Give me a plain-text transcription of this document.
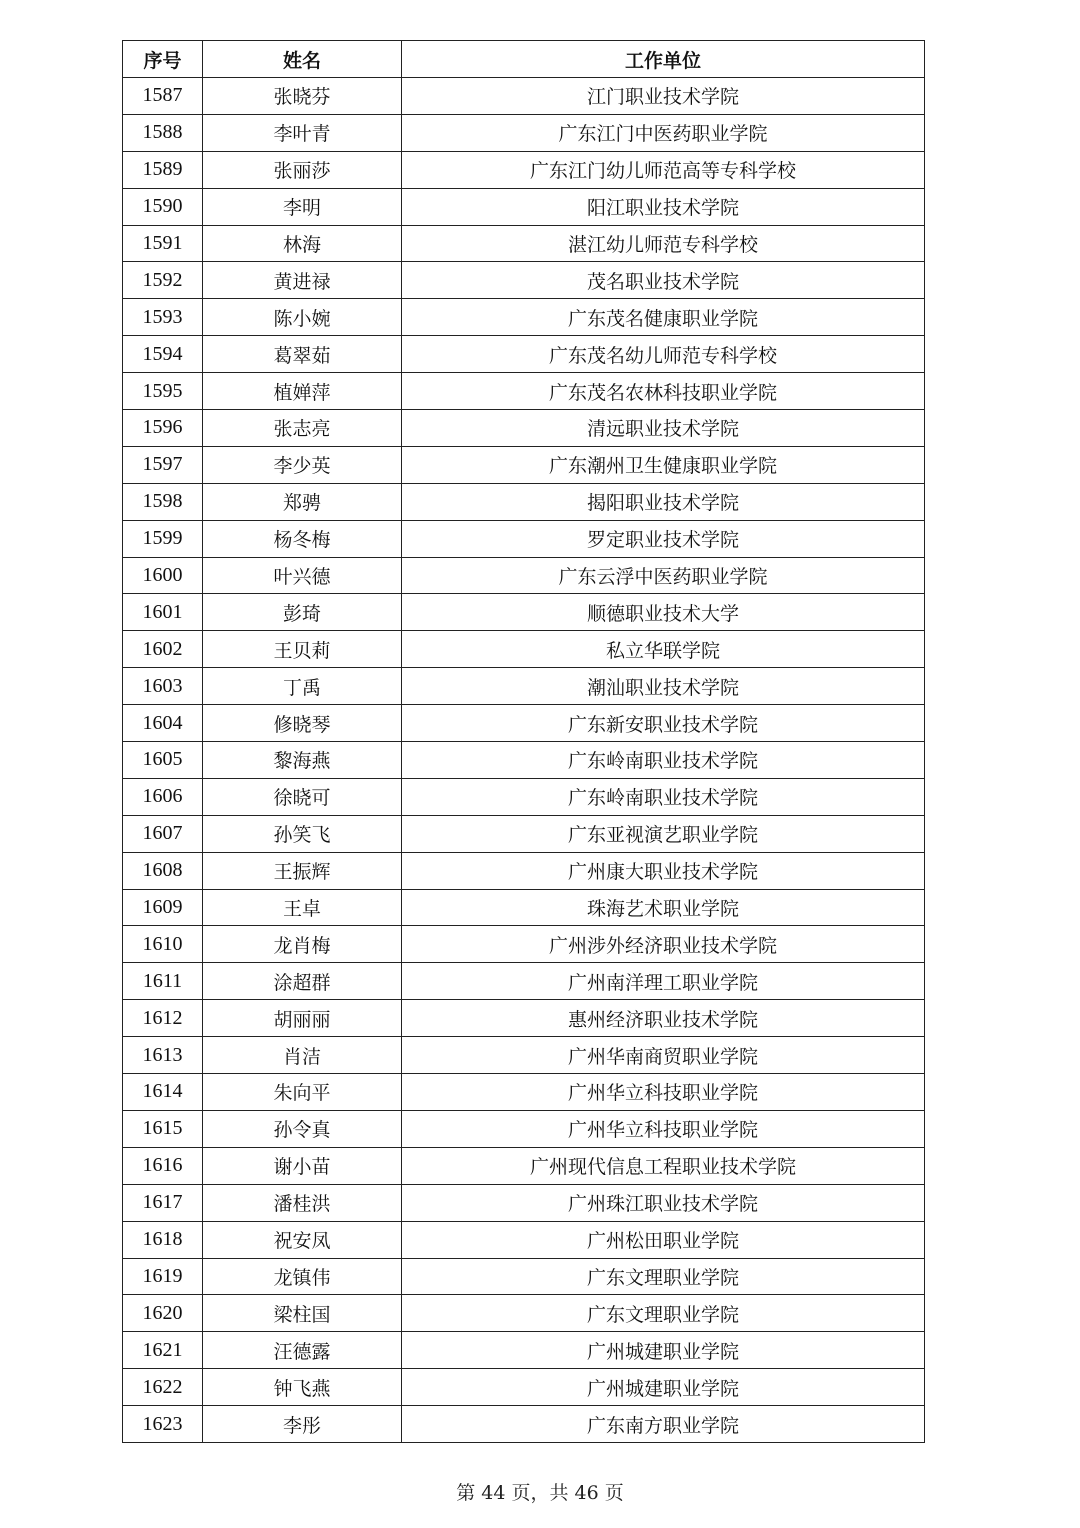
序号	姓名	工作单位
1587	张晓芬	江门职业技术学院
1588	李叶青	广东江门中医药职业学院
1589	张丽莎	广东江门幼儿师范高等专科学校
1590	李明	阳江职业技术学院
1591	林海	湛江幼儿师范专科学校
1592	黄进禄	茂名职业技术学院
1593	陈小婉	广东茂名健康职业学院
1594	葛翠茹	广东茂名幼儿师范专科学校
1595	植婵萍	广东茂名农林科技职业学院
1596	张志亮	清远职业技术学院
1597	李少英	广东潮州卫生健康职业学院
1598	郑骋	揭阳职业技术学院
1599	杨冬梅	罗定职业技术学院
1600	叶兴德	广东云浮中医药职业学院
1601	彭琦	顺德职业技术大学
1602	王贝莉	私立华联学院
1603	丁禹	潮汕职业技术学院
1604	修晓琴	广东新安职业技术学院
1605	黎海燕	广东岭南职业技术学院
1606	徐晓可	广东岭南职业技术学院
1607	孙笑飞	广东亚视演艺职业学院
1608	王振辉	广州康大职业技术学院
1609	王卓	珠海艺术职业学院
1610	龙肖梅	广州涉外经济职业技术学院
1611	涂超群	广州南洋理工职业学院
1612	胡丽丽	惠州经济职业技术学院
1613	肖洁	广州华南商贸职业学院
1614	朱向平	广州华立科技职业学院
1615	孙令真	广州华立科技职业学院
1616	谢小苗	广州现代信息工程职业技术学院
1617	潘桂洪	广州珠江职业技术学院
1618	祝安凤	广州松田职业学院
1619	龙镇伟	广东文理职业学院
1620	梁柱国	广东文理职业学院
1621	汪德露	广州城建职业学院
1622	钟飞燕	广州城建职业学院
1623	李彤	广东南方职业学院
第 44 页，共 46 页
